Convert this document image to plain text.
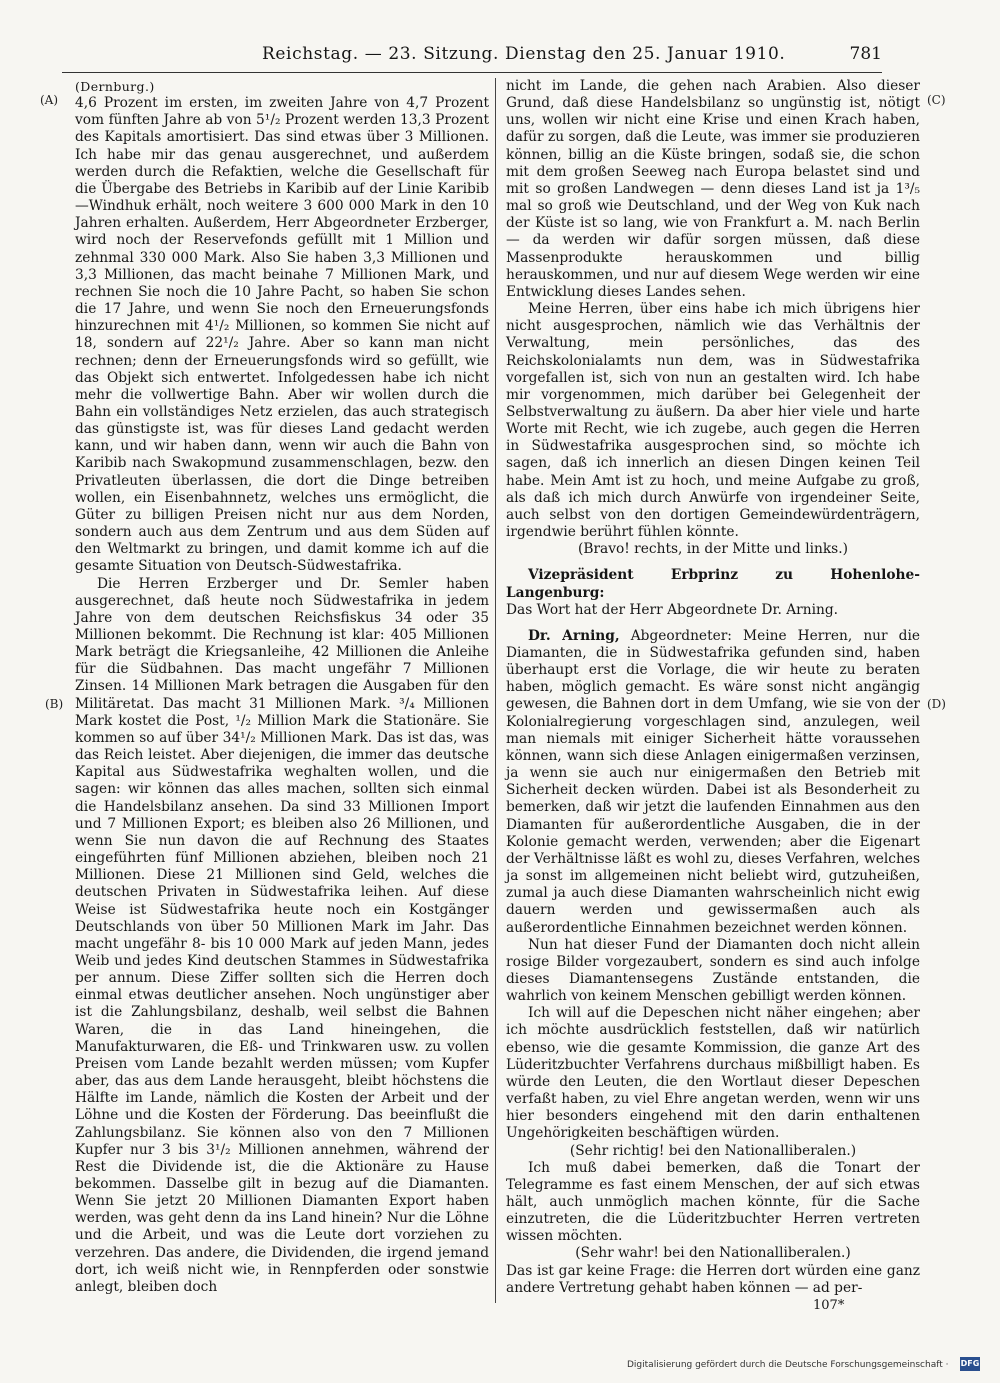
Reichstag. — 23. Sitzung. Dienstag den 25. Januar 1910.	781
(A)
(B)
(C)
(D)

(Dernburg.)

4,6 Prozent im ersten, im zweiten Jahre von 4,7 Prozent vom fünften Jahre ab von 5¹/₂ Prozent werden 13,3 Prozent des Kapitals amortisiert. Das sind etwas über 3 Millionen. Ich habe mir das genau ausgerechnet, und außerdem werden durch die Refaktien, welche die Gesellschaft für die Übergabe des Betriebs in Karibib auf der Linie Karibib—Windhuk erhält, noch weitere 3 600 000 Mark in den 10 Jahren erhalten. Außerdem, Herr Abgeordneter Erzberger, wird noch der Reservefonds gefüllt mit 1 Million und zehnmal 330 000 Mark. Also Sie haben 3,3 Millionen und 3,3 Millionen, das macht beinahe 7 Millionen Mark, und rechnen Sie noch die 10 Jahre Pacht, so haben Sie schon die 17 Jahre, und wenn Sie noch den Erneuerungsfonds hinzurechnen mit 4¹/₂ Millionen, so kommen Sie nicht auf 18, sondern auf 22¹/₂ Jahre. Aber so kann man nicht rechnen; denn der Erneuerungsfonds wird so gefüllt, wie das Objekt sich entwertet. Infolgedessen habe ich nicht mehr die vollwertige Bahn. Aber wir wollen durch die Bahn ein vollständiges Netz erzielen, das auch strategisch das günstigste ist, was für dieses Land gedacht werden kann, und wir haben dann, wenn wir auch die Bahn von Karibib nach Swakopmund zusammenschlagen, bezw. den Privatleuten überlassen, die dort die Dinge betreiben wollen, ein Eisenbahnnetz, welches uns ermöglicht, die Güter zu billigen Preisen nicht nur aus dem Norden, sondern auch aus dem Zentrum und aus dem Süden auf den Weltmarkt zu bringen, und damit komme ich auf die gesamte Situation von Deutsch-Südwestafrika.

Die Herren Erzberger und Dr. Semler haben ausgerechnet, daß heute noch Südwestafrika in jedem Jahre von dem deutschen Reichsfiskus 34 oder 35 Millionen bekommt. Die Rechnung ist klar: 405 Millionen Mark beträgt die Kriegsanleihe, 42 Millionen die Anleihe für die Südbahnen. Das macht ungefähr 7 Millionen Zinsen. 14 Millionen Mark betragen die Ausgaben für den Militäretat. Das macht 31 Millionen Mark. ³/₄ Millionen Mark kostet die Post, ¹/₂ Million Mark die Stationäre. Sie kommen so auf über 34¹/₂ Millionen Mark. Das ist das, was das Reich leistet. Aber diejenigen, die immer das deutsche Kapital aus Südwestafrika weghalten wollen, und die sagen: wir können das alles machen, sollten sich einmal die Handelsbilanz ansehen. Da sind 33 Millionen Import und 7 Millionen Export; es bleiben also 26 Millionen, und wenn Sie nun davon die auf Rechnung des Staates eingeführten fünf Millionen abziehen, bleiben noch 21 Millionen. Diese 21 Millionen sind Geld, welches die deutschen Privaten in Südwestafrika leihen. Auf diese Weise ist Südwestafrika heute noch ein Kostgänger Deutschlands von über 50 Millionen Mark im Jahr. Das macht ungefähr 8- bis 10 000 Mark auf jeden Mann, jedes Weib und jedes Kind deutschen Stammes in Südwestafrika per annum. Diese Ziffer sollten sich die Herren doch einmal etwas deutlicher ansehen. Noch ungünstiger aber ist die Zahlungsbilanz, deshalb, weil selbst die Bahnen Waren, die in das Land hineingehen, die Manufakturwaren, die Eß- und Trinkwaren usw. zu vollen Preisen vom Lande bezahlt werden müssen; vom Kupfer aber, das aus dem Lande herausgeht, bleibt höchstens die Hälfte im Lande, nämlich die Kosten der Arbeit und der Löhne und die Kosten der Förderung. Das beeinflußt die Zahlungsbilanz. Sie können also von den 7 Millionen Kupfer nur 3 bis 3¹/₂ Millionen annehmen, während der Rest die Dividende ist, die die Aktionäre zu Hause bekommen. Dasselbe gilt in bezug auf die Diamanten. Wenn Sie jetzt 20 Millionen Diamanten Export haben werden, was geht denn da ins Land hinein? Nur die Löhne und die Arbeit, und was die Leute dort vorziehen zu verzehren. Das andere, die Dividenden, die irgend jemand dort, ich weiß nicht wie, in Rennpferden oder sonstwie anlegt, bleiben doch

nicht im Lande, die gehen nach Arabien. Also dieser Grund, daß diese Handelsbilanz so ungünstig ist, nötigt uns, wollen wir nicht eine Krise und einen Krach haben, dafür zu sorgen, daß die Leute, was immer sie produzieren können, billig an die Küste bringen, sodaß sie, die schon mit dem großen Seeweg nach Europa belastet sind und mit so großen Landwegen — denn dieses Land ist ja 1³/₅ mal so groß wie Deutschland, und der Weg von Kuk nach der Küste ist so lang, wie von Frankfurt a. M. nach Berlin — da werden wir dafür sorgen müssen, daß diese Massenprodukte herauskommen und billig herauskommen, und nur auf diesem Wege werden wir eine Entwicklung dieses Landes sehen.

Meine Herren, über eins habe ich mich übrigens hier nicht ausgesprochen, nämlich wie das Verhältnis der Verwaltung, mein persönliches, das des Reichskolonialamts nun dem, was in Südwestafrika vorgefallen ist, sich von nun an gestalten wird. Ich habe mir vorgenommen, mich darüber bei Gelegenheit der Selbstverwaltung zu äußern. Da aber hier viele und harte Worte mit Recht, wie ich zugebe, auch gegen die Herren in Südwestafrika ausgesprochen sind, so möchte ich sagen, daß ich innerlich an diesen Dingen keinen Teil habe. Mein Amt ist zu hoch, und meine Aufgabe zu groß, als daß ich mich durch Anwürfe von irgendeiner Seite, auch selbst von den dortigen Gemeindewürdenträgern, irgendwie berührt fühlen könnte.

(Bravo! rechts, in der Mitte und links.)

Vizepräsident Erbprinz zu Hohenlohe-Langenburg:

Das Wort hat der Herr Abgeordnete Dr. Arning.

Dr. Arning, Abgeordneter: Meine Herren, nur die Diamanten, die in Südwestafrika gefunden sind, haben überhaupt erst die Vorlage, die wir heute zu beraten haben, möglich gemacht. Es wäre sonst nicht angängig gewesen, die Bahnen dort in dem Umfang, wie sie von der Kolonialregierung vorgeschlagen sind, anzulegen, weil man niemals mit einiger Sicherheit hätte voraussehen können, wann sich diese Anlagen einigermaßen verzinsen, ja wenn sie auch nur einigermaßen den Betrieb mit Sicherheit decken würden. Dabei ist als Besonderheit zu bemerken, daß wir jetzt die laufenden Einnahmen aus den Diamanten für außerordentliche Ausgaben, die in der Kolonie gemacht werden, verwenden; aber die Eigenart der Verhältnisse läßt es wohl zu, dieses Verfahren, welches ja sonst im allgemeinen nicht beliebt wird, gutzuheißen, zumal ja auch diese Diamanten wahrscheinlich nicht ewig dauern werden und gewissermaßen auch als außerordentliche Einnahmen bezeichnet werden können.

Nun hat dieser Fund der Diamanten doch nicht allein rosige Bilder vorgezaubert, sondern es sind auch infolge dieses Diamantensegens Zustände entstanden, die wahrlich von keinem Menschen gebilligt werden können.

Ich will auf die Depeschen nicht näher eingehen; aber ich möchte ausdrücklich feststellen, daß wir natürlich ebenso, wie die gesamte Kommission, die ganze Art des Lüderitzbuchter Verfahrens durchaus mißbilligt haben. Es würde den Leuten, die den Wortlaut dieser Depeschen verfaßt haben, zu viel Ehre angetan werden, wenn wir uns hier besonders eingehend mit den darin enthaltenen Ungehörigkeiten beschäftigen würden.

(Sehr richtig! bei den Nationalliberalen.)

Ich muß dabei bemerken, daß die Tonart der Telegramme es fast einem Menschen, der auf sich etwas hält, auch unmöglich machen könnte, für die Sache einzutreten, die die Lüderitzbuchter Herren vertreten wissen möchten.

(Sehr wahr! bei den Nationalliberalen.)

Das ist gar keine Frage: die Herren dort würden eine ganz andere Vertretung gehabt haben können — ad per-

107*
Digitalisierung gefördert durch die Deutsche Forschungsgemeinschaft · DFG
